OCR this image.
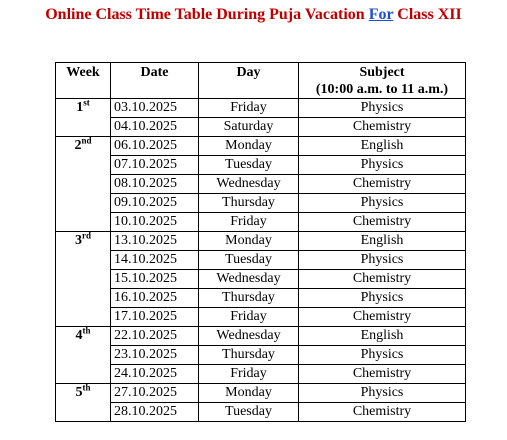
Online Class Time Table During Puja Vacation For Class XII
Week	Date	Day	Subject
(10:00 a.m. to 11 a.m.)
1st	03.10.2025	Friday	Physics
	04.10.2025	Saturday	Chemistry
2nd	06.10.2025	Monday	English
	07.10.2025	Tuesday	Physics
	08.10.2025	Wednesday	Chemistry
	09.10.2025	Thursday	Physics
	10.10.2025	Friday	Chemistry
3rd	13.10.2025	Monday	English
	14.10.2025	Tuesday	Physics
	15.10.2025	Wednesday	Chemistry
	16.10.2025	Thursday	Physics
	17.10.2025	Friday	Chemistry
4th	22.10.2025	Wednesday	English
	23.10.2025	Thursday	Physics
	24.10.2025	Friday	Chemistry
5th	27.10.2025	Monday	Physics
	28.10.2025	Tuesday	Chemistry
